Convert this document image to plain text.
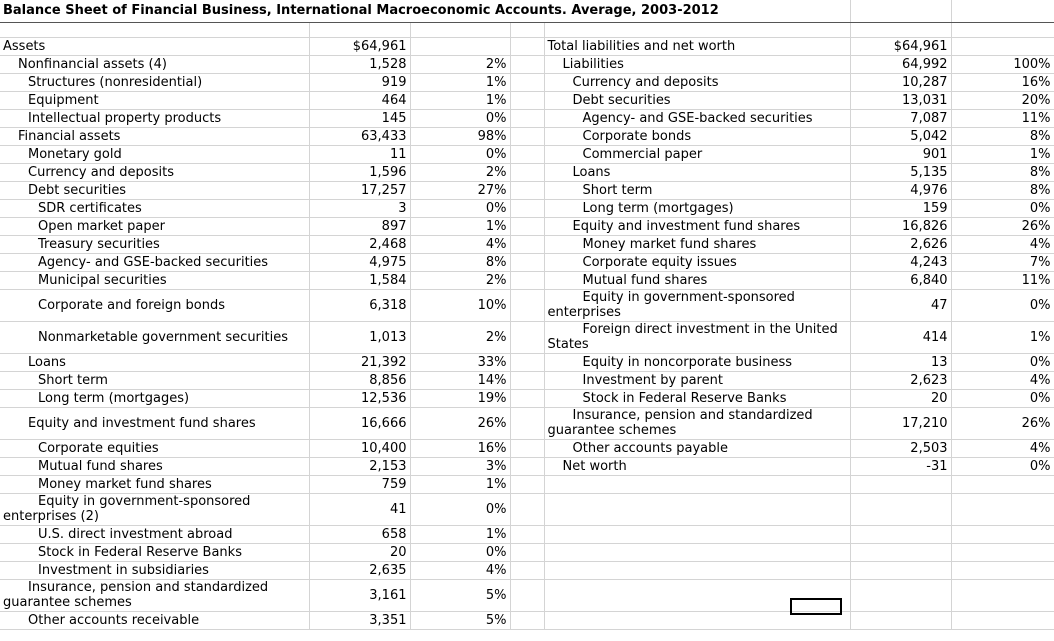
Balance Sheet of Financial Business, International Macroeconomic Accounts. Average, 2003-2012						

Assets	$64,961			Total liabilities and net worth	$64,961	
Nonfinancial assets (4)	1,528	2%		Liabilities	64,992	100%
Structures (nonresidential)	919	1%		Currency and deposits	10,287	16%
Equipment	464	1%		Debt securities	13,031	20%
Intellectual property products	145	0%		Agency- and GSE-backed securities	7,087	11%
Financial assets	63,433	98%		Corporate bonds	5,042	8%
Monetary gold	11	0%		Commercial paper	901	1%
Currency and deposits	1,596	2%		Loans	5,135	8%
Debt securities	17,257	27%		Short term	4,976	8%
SDR certificates	3	0%		Long term (mortgages)	159	0%
Open market paper	897	1%		Equity and investment fund shares	16,826	26%
Treasury securities	2,468	4%		Money market fund shares	2,626	4%
Agency- and GSE-backed securities	4,975	8%		Corporate equity issues	4,243	7%
Municipal securities	1,584	2%		Mutual fund shares	6,840	11%
Corporate and foreign bonds	6,318	10%		Equity in government-sponsored enterprises	47	0%
Nonmarketable government securities	1,013	2%		Foreign direct investment in the United States	414	1%
Loans	21,392	33%		Equity in noncorporate business	13	0%
Short term	8,856	14%		Investment by parent	2,623	4%
Long term (mortgages)	12,536	19%		Stock in Federal Reserve Banks	20	0%
Equity and investment fund shares	16,666	26%		Insurance, pension and standardized guarantee schemes	17,210	26%
Corporate equities	10,400	16%		Other accounts payable	2,503	4%
Mutual fund shares	2,153	3%		Net worth	-31	0%
Money market fund shares	759	1%				
Equity in government-sponsored enterprises (2)	41	0%				
U.S. direct investment abroad	658	1%				
Stock in Federal Reserve Banks	20	0%				
Investment in subsidiaries	2,635	4%				
Insurance, pension and standardized guarantee schemes	3,161	5%				
Other accounts receivable	3,351	5%				
